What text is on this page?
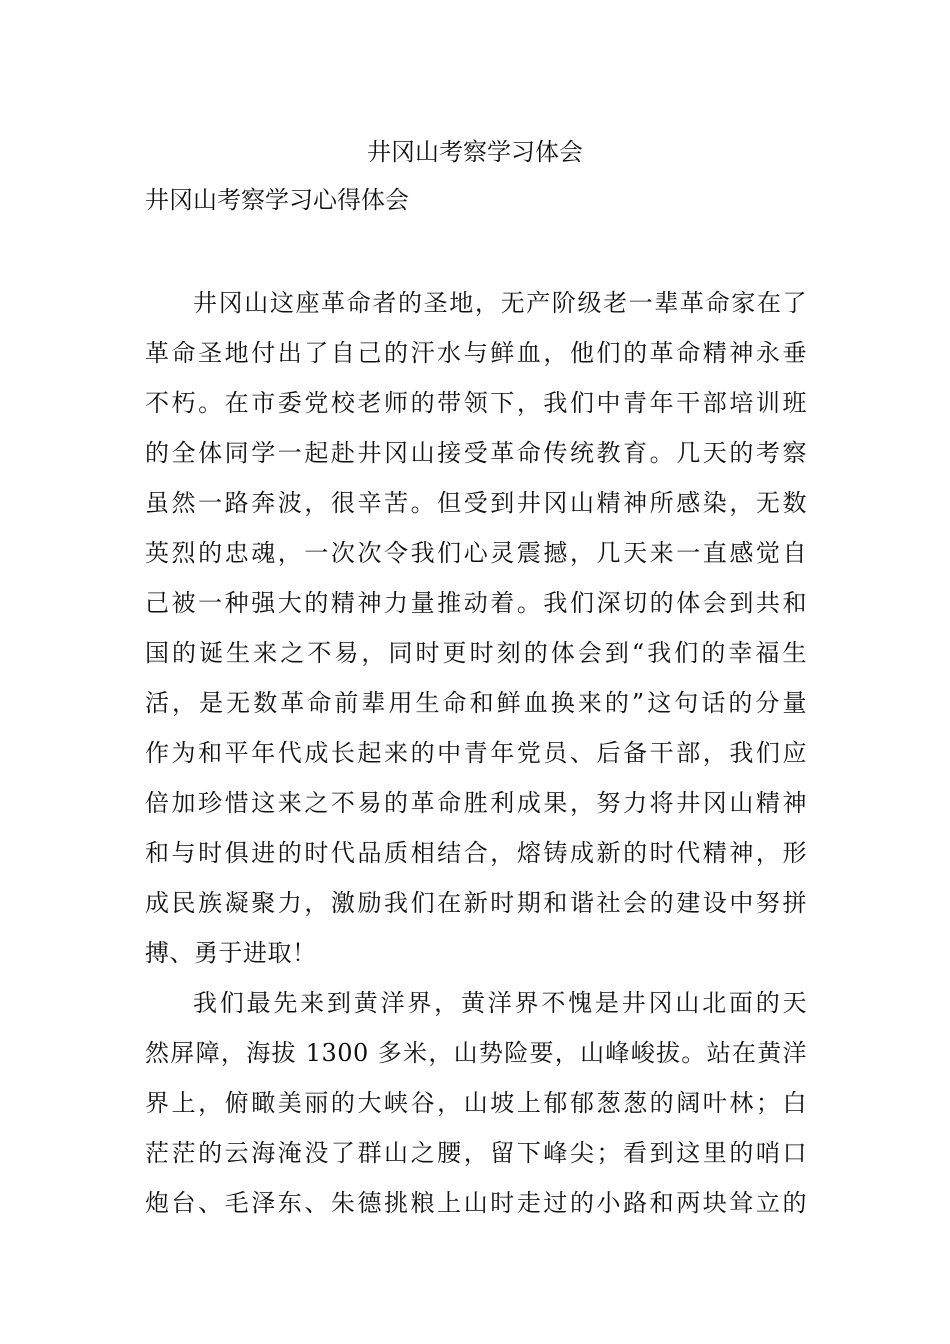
井冈山考察学习体会
井冈山考察学习心得体会
井冈山这座革命者的圣地，无产阶级老一辈革命家在了
革命圣地付出了自己的汗水与鲜血，他们的革命精神永垂
不朽。在市委党校老师的带领下，我们中青年干部培训班
的全体同学一起赴井冈山接受革命传统教育。几天的考察
虽然一路奔波，很辛苦。但受到井冈山精神所感染，无数
英烈的忠魂，一次次令我们心灵震撼，几天来一直感觉自
己被一种强大的精神力量推动着。我们深切的体会到共和
国的诞生来之不易，同时更时刻的体会到“我们的幸福生
活，是无数革命前辈用生命和鲜血换来的”这句话的分量
作为和平年代成长起来的中青年党员、后备干部，我们应
倍加珍惜这来之不易的革命胜利成果，努力将井冈山精神
和与时俱进的时代品质相结合，熔铸成新的时代精神，形
成民族凝聚力，激励我们在新时期和谐社会的建设中努拼
搏、勇于进取！
我们最先来到黄洋界，黄洋界不愧是井冈山北面的天
然屏障，海拔 1300 多米，山势险要，山峰峻拔。站在黄洋
界上，俯瞰美丽的大峡谷，山坡上郁郁葱葱的阔叶林；白
茫茫的云海淹没了群山之腰，留下峰尖；看到这里的哨口
炮台、毛泽东、朱德挑粮上山时走过的小路和两块耸立的
